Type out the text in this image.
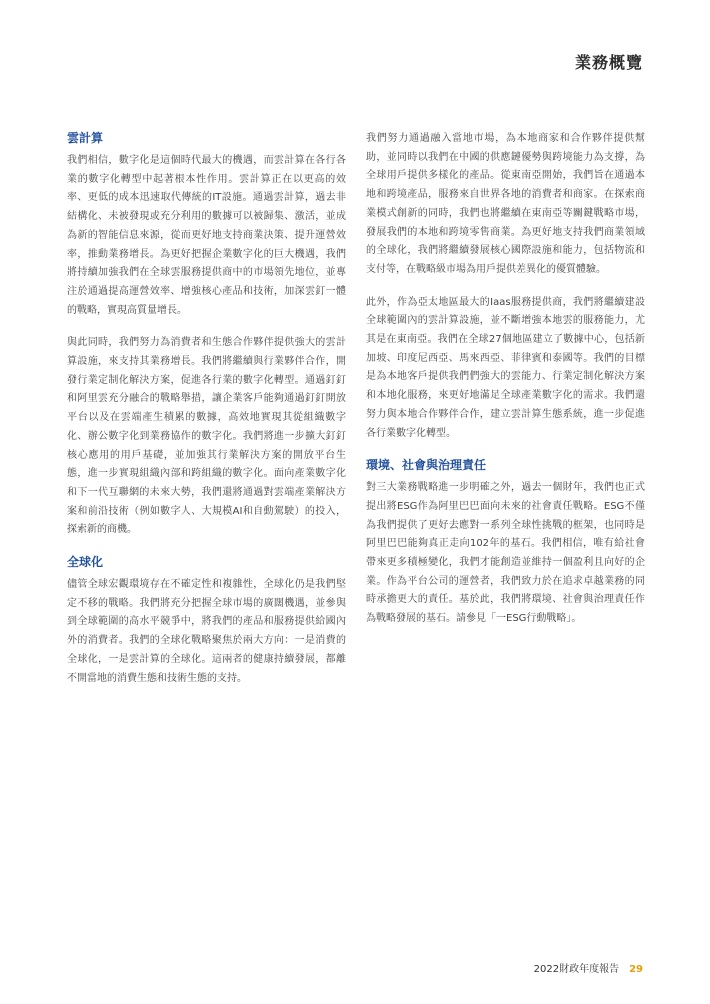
業務概覽
雲計算

我們相信，數字化是這個時代最大的機遇，而雲計算在各行各業的數字化轉型中起著根本性作用。雲計算正在以更高的效率、更低的成本迅速取代傳統的IT設施。通過雲計算，過去非結構化、未被發現或充分利用的數據可以被歸集、激活，並成為新的智能信息來源，從而更好地支持商業決策、提升運營效率，推動業務增長。為更好把握企業數字化的巨大機遇，我們將持續加強我們在全球雲服務提供商中的市場領先地位，並專注於通過提高運營效率、增強核心產品和技術，加深雲釘一體的戰略，實現高質量增長。

與此同時，我們努力為消費者和生態合作夥伴提供強大的雲計算設施，來支持其業務增長。我們將繼續與行業夥伴合作，開發行業定制化解決方案，促進各行業的數字化轉型。通過釘釘和阿里雲充分融合的戰略舉措，讓企業客戶能夠通過釘釘開放平台以及在雲端產生積累的數據，高效地實現其從組織數字化、辦公數字化到業務協作的數字化。我們將進一步擴大釘釘核心應用的用戶基礎，並加強其行業解決方案的開放平台生態，進一步實現組織內部和跨組織的數字化。面向產業數字化和下一代互聯網的未來大勢，我們還將通過對雲端產業解決方案和前沿技術（例如數字人、大規模AI和自動駕駛）的投入，探索新的商機。

全球化

儘管全球宏觀環境存在不確定性和複雜性，全球化仍是我們堅定不移的戰略。我們將充分把握全球市場的廣闊機遇，並參與到全球範圍的高水平競爭中，將我們的產品和服務提供給國內外的消費者。我們的全球化戰略聚焦於兩大方向：一是消費的全球化，一是雲計算的全球化。這兩者的健康持續發展，都離不開當地的消費生態和技術生態的支持。

我們努力通過融入當地市場，為本地商家和合作夥伴提供幫助，並同時以我們在中國的供應鏈優勢與跨境能力為支撐，為全球用戶提供多樣化的產品。從東南亞開始，我們旨在通過本地和跨境產品，服務來自世界各地的消費者和商家。在探索商業模式創新的同時，我們也將繼續在東南亞等關鍵戰略市場，發展我們的本地和跨境零售商業。為更好地支持我們商業領域的全球化，我們將繼續發展核心國際設施和能力，包括物流和支付等，在戰略級市場為用戶提供差異化的優質體驗。

此外，作為亞太地區最大的Iaas服務提供商，我們將繼續建設全球範圍內的雲計算設施，並不斷增強本地雲的服務能力，尤其是在東南亞。我們在全球27個地區建立了數據中心，包括新加坡、印度尼西亞、馬來西亞、菲律賓和泰國等。我們的目標是為本地客戶提供我們們強大的雲能力、行業定制化解決方案和本地化服務，來更好地滿足全球產業數字化的需求。我們還努力與本地合作夥伴合作，建立雲計算生態系統，進一步促進各行業數字化轉型。

環境、社會與治理責任

對三大業務戰略進一步明確之外，過去一個財年，我們也正式提出將ESG作為阿里巴巴面向未來的社會責任戰略。ESG不僅為我們提供了更好去應對一系列全球性挑戰的框架，也同時是阿里巴巴能夠真正走向102年的基石。我們相信，唯有給社會帶來更多積極變化，我們才能創造並維持一個盈利且向好的企業。作為平台公司的運營者，我們致力於在追求卓越業務的同時承擔更大的責任。基於此，我們將環境、社會與治理責任作為戰略發展的基石。請參見「一ESG行動戰略」。

2022財政年度報告 29
